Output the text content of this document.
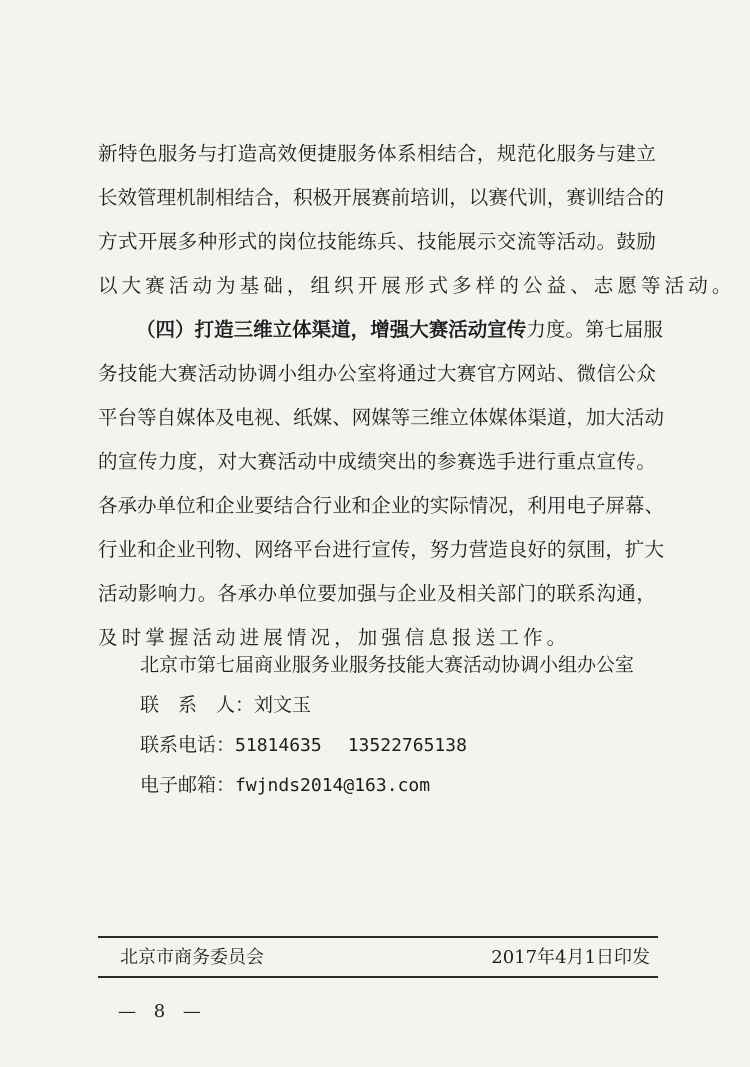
新 特 色 服 务 与 打 造 高 效 便 捷 服 务 体 系 相 结 合 ， 规 范 化 服 务 与 建 立
长 效 管 理 机 制 相 结 合 ， 积 极 开 展 赛 前 培 训 ， 以 赛 代 训 ， 赛 训 结 合 的
方 式 开 展 多 种 形 式 的 岗 位 技 能 练 兵 、 技 能 展 示 交 流 等 活 动 。 鼓 励
以 大 赛 活 动 为 基 础 ， 组 织 开 展 形 式 多 样 的 公 益 、 志 愿 等 活 动 。
（ 四 ） 打 造 三 维 立 体 渠 道 ， 增 强 大 赛 活 动 宣 传 力 度 。 第 七 届 服
务 技 能 大 赛 活 动 协 调 小 组 办 公 室 将 通 过 大 赛 官 方 网 站 、 微 信 公 众
平 台 等 自 媒 体 及 电 视 、 纸 媒 、 网 媒 等 三 维 立 体 媒 体 渠 道 ， 加 大 活 动
的 宣 传 力 度 ， 对 大 赛 活 动 中 成 绩 突 出 的 参 赛 选 手 进 行 重 点 宣 传 。
各 承 办 单 位 和 企 业 要 结 合 行 业 和 企 业 的 实 际 情 况 ， 利 用 电 子 屏 幕 、
行 业 和 企 业 刊 物 、 网 络 平 台 进 行 宣 传 ， 努 力 营 造 良 好 的 氛 围 ， 扩 大
活 动 影 响 力 。 各 承 办 单 位 要 加 强 与 企 业 及 相 关 部 门 的 联 系 沟 通 ，
及 时 掌 握 活 动 进 展 情 况 ， 加 强 信 息 报 送 工 作 。
北京市第七届商业服务业服务技能大赛活动协调小组办公室
联　系　人：刘文玉
联系电话：51814635 13522765138
电子邮箱：fwjnds2014@163.com
北京市商务委员会	2017年4月1日印发
— 8 —
